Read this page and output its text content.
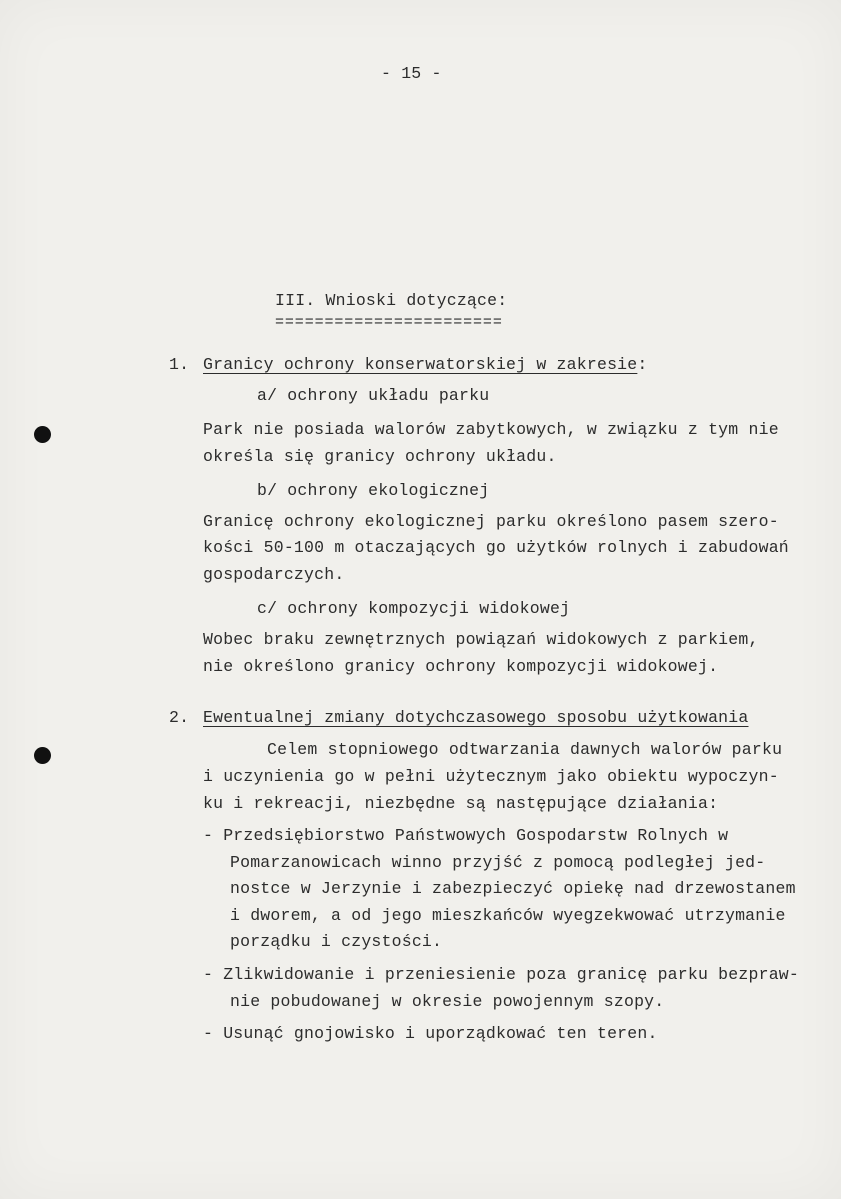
- 15 -
III. Wnioski dotyczące:
=======================
1. Granicy ochrony konserwatorskiej w zakresie:
a/ ochrony układu parku
Park nie posiada walorów zabytkowych, w związku z tym nie
określa się granicy ochrony układu.
b/ ochrony ekologicznej
Granicę ochrony ekologicznej parku określono pasem szero-
kości 50-100 m otaczających go użytków rolnych i zabudowań
gospodarczych.
c/ ochrony kompozycji widokowej
Wobec braku zewnętrznych powiązań widokowych z parkiem,
nie określono granicy ochrony kompozycji widokowej.
2. Ewentualnej zmiany dotychczasowego sposobu użytkowania
Celem stopniowego odtwarzania dawnych walorów parku
i uczynienia go w pełni użytecznym jako obiektu wypoczyn-
ku i rekreacji, niezbędne są następujące działania:
- Przedsiębiorstwo Państwowych Gospodarstw Rolnych w
Pomarzanowicach winno przyjść z pomocą podległej jed-
nostce w Jerzynie i zabezpieczyć opiekę nad drzewostanem
i dworem, a od jego mieszkańców wyegzekwować utrzymanie
porządku i czystości.
- Zlikwidowanie i przeniesienie poza granicę parku bezpraw-
nie pobudowanej w okresie powojennym szopy.
- Usunąć gnojowisko i uporządkować ten teren.
